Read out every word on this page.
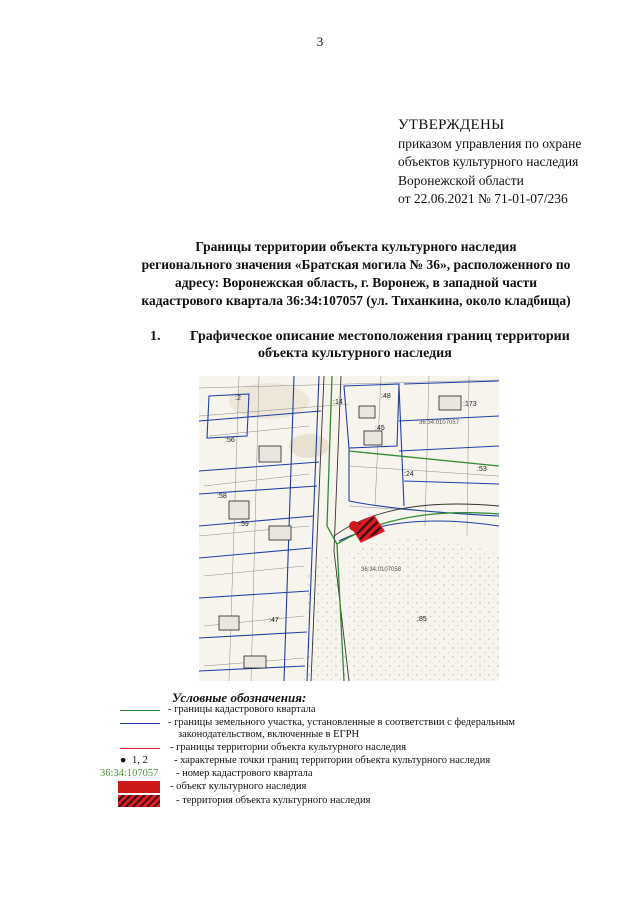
3
УТВЕРЖДЕНЫ
приказом управления по охране
объектов культурного наследия
Воронежской области
от 22.06.2021 № 71-01-07/236
Границы территории объекта культурного наследия
регионального значения «Братская могила № 36», расположенного по
адресу: Воронежская область, г. Воронеж, в западной части
кадастрового квартала 36:34:107057 (ул. Тиханкина, около кладбища)
1. Графическое описание местоположения границ территории
объекта культурного наследия
:14
:48
:173
:56
:58
:59
:53
:85
:2
:45
:24
:47
36:34:0107057
36:34:0107058
Условные обозначения:
- границы кадастрового квартала
- границы земельного участка, установленные в соответствии с федеральным
законодательством, включенные в ЕГРН
- границы территории объекта культурного наследия
● 1, 2	- характерные точки границ территории объекта культурного наследия
36:34:107057 - номер кадастрового квартала
- объект культурного наследия
- территория объекта культурного наследия
